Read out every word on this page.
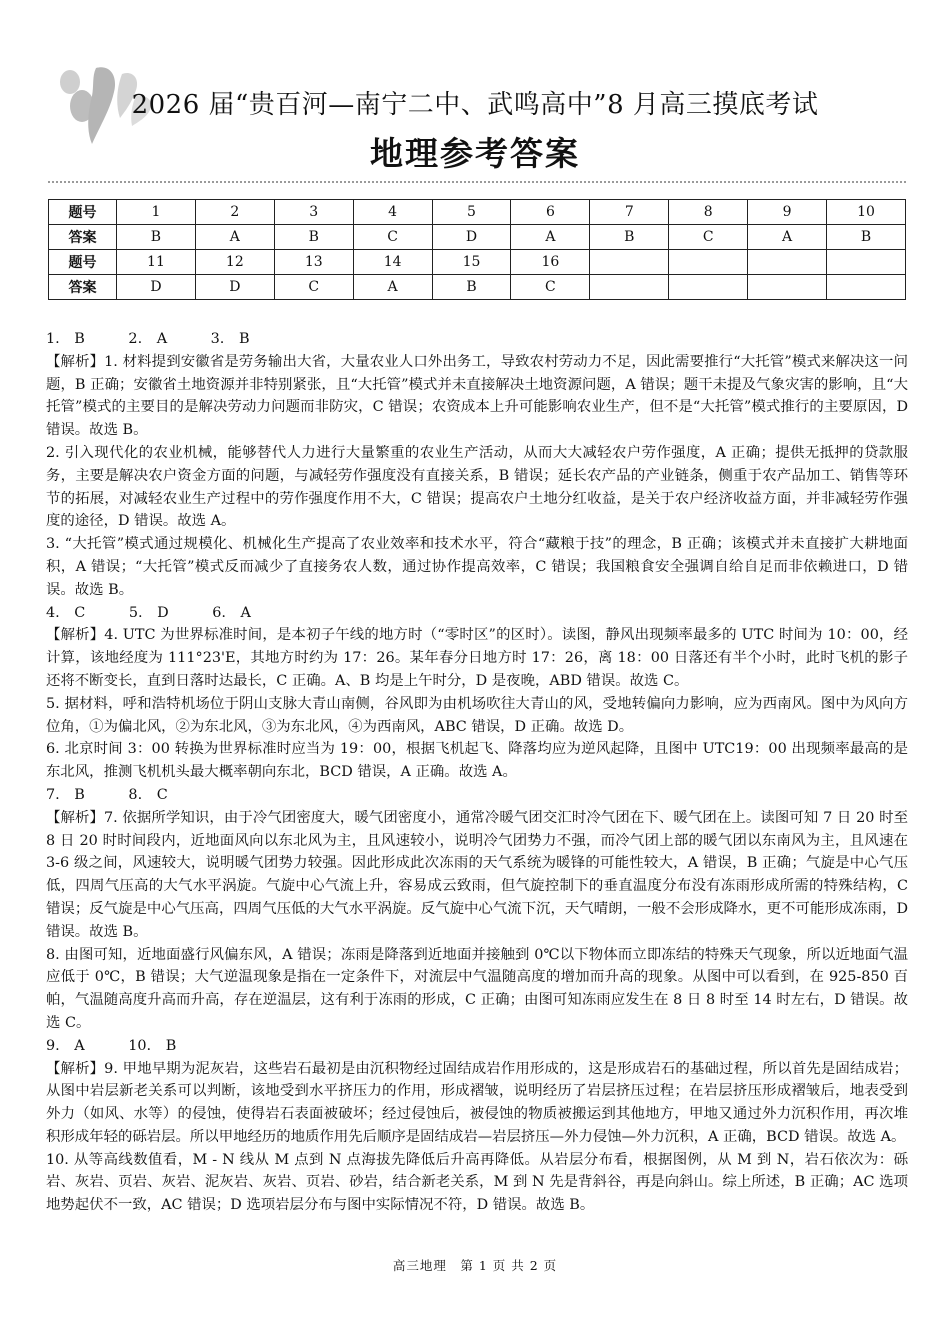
2026 届“贵百河—南宁二中、武鸣高中”8 月高三摸底考试
地理参考答案
题号	1	2	3	4	5	6	7	8	9	10
答案	B	A	B	C	D	A	B	C	A	B
题号	11	12	13	14	15	16				
答案	D	D	C	A	B	C				

1. B　  2. A　  3. B

【解析】1. 材料提到安徽省是劳务输出大省，大量农业人口外出务工，导致农村劳动力不足，因此需要推行“大托管”模式来解决这一问题，B 正确；安徽省土地资源并非特别紧张，且“大托管”模式并未直接解决土地资源问题，A 错误；题干未提及气象灾害的影响，且“大托管”模式的主要目的是解决劳动力问题而非防灾，C 错误；农资成本上升可能影响农业生产，但不是“大托管”模式推行的主要原因，D 错误。故选 B。

2. 引入现代化的农业机械，能够替代人力进行大量繁重的农业生产活动，从而大大减轻农户劳作强度，A 正确；提供无抵押的贷款服务，主要是解决农户资金方面的问题，与减轻劳作强度没有直接关系，B 错误；延长农产品的产业链条，侧重于农产品加工、销售等环节的拓展，对减轻农业生产过程中的劳作强度作用不大，C 错误；提高农户土地分红收益，是关于农户经济收益方面，并非减轻劳作强度的途径，D 错误。故选 A。

3. “大托管”模式通过规模化、机械化生产提高了农业效率和技术水平，符合“藏粮于技”的理念，B 正确；该模式并未直接扩大耕地面积，A 错误；“大托管”模式反而减少了直接务农人数，通过协作提高效率，C 错误；我国粮食安全强调自给自足而非依赖进口，D 错误。故选 B。

4. C　  5. D　  6. A

【解析】4. UTC 为世界标准时间，是本初子午线的地方时（“零时区”的区时）。读图，静风出现频率最多的 UTC 时间为 10：00，经计算，该地经度为 111°23'E，其地方时约为 17：26。某年春分日地方时 17：26，离 18：00 日落还有半个小时，此时飞机的影子还将不断变长，直到日落时达最长，C 正确。A、B 均是上午时分，D 是夜晚，ABD 错误。故选 C。

5. 据材料，呼和浩特机场位于阴山支脉大青山南侧，谷风即为由机场吹往大青山的风，受地转偏向力影响，应为西南风。图中为风向方位角，①为偏北风，②为东北风，③为东北风，④为西南风，ABC 错误，D 正确。故选 D。

6. 北京时间 3：00 转换为世界标准时应当为 19：00，根据飞机起飞、降落均应为逆风起降，且图中 UTC19：00 出现频率最高的是东北风，推测飞机机头最大概率朝向东北，BCD 错误，A 正确。故选 A。

7. B　  8. C

【解析】7. 依据所学知识，由于冷气团密度大，暖气团密度小，通常冷暖气团交汇时冷气团在下、暖气团在上。读图可知 7 日 20 时至 8 日 20 时时间段内，近地面风向以东北风为主，且风速较小，说明冷气团势力不强，而冷气团上部的暖气团以东南风为主，且风速在 3-6 级之间，风速较大，说明暖气团势力较强。因此形成此次冻雨的天气系统为暖锋的可能性较大，A 错误，B 正确；气旋是中心气压低，四周气压高的大气水平涡旋。气旋中心气流上升，容易成云致雨，但气旋控制下的垂直温度分布没有冻雨形成所需的特殊结构，C 错误；反气旋是中心气压高，四周气压低的大气水平涡旋。反气旋中心气流下沉，天气晴朗，一般不会形成降水，更不可能形成冻雨，D 错误。故选 B。

8. 由图可知，近地面盛行风偏东风，A 错误；冻雨是降落到近地面并接触到 0℃以下物体而立即冻结的特殊天气现象，所以近地面气温应低于 0℃，B 错误；大气逆温现象是指在一定条件下，对流层中气温随高度的增加而升高的现象。从图中可以看到，在 925-850 百帕，气温随高度升高而升高，存在逆温层，这有利于冻雨的形成，C 正确；由图可知冻雨应发生在 8 日 8 时至 14 时左右，D 错误。故选 C。

9. A　  10. B

【解析】9. 甲地早期为泥灰岩，这些岩石最初是由沉积物经过固结成岩作用形成的，这是形成岩石的基础过程，所以首先是固结成岩；从图中岩层新老关系可以判断，该地受到水平挤压力的作用，形成褶皱，说明经历了岩层挤压过程；在岩层挤压形成褶皱后，地表受到外力（如风、水等）的侵蚀，使得岩石表面被破坏；经过侵蚀后，被侵蚀的物质被搬运到其他地方，甲地又通过外力沉积作用，再次堆积形成年轻的砾岩层。所以甲地经历的地质作用先后顺序是固结成岩—岩层挤压—外力侵蚀—外力沉积，A 正确，BCD 错误。故选 A。

10. 从等高线数值看，M - N 线从 M 点到 N 点海拔先降低后升高再降低。从岩层分布看，根据图例，从 M 到 N，岩石依次为：砾岩、灰岩、页岩、灰岩、泥灰岩、灰岩、页岩、砂岩，结合新老关系，M 到 N 先是背斜谷，再是向斜山。综上所述，B 正确；AC 选项地势起伏不一致，AC 错误；D 选项岩层分布与图中实际情况不符，D 错误。故选 B。

高三地理　第 1 页 共 2 页
